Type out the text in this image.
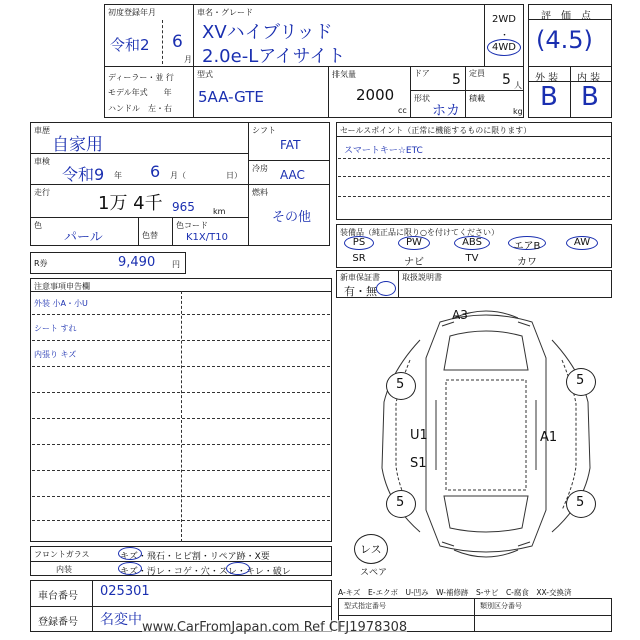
初度登録年月
令和2 6
月
車名・グレード
XVハイブリッド
2.0e-Lアイサイト
2WD
・
4WD
ディーラー・並 行
モデル年式　　年
ハンドル　左・右
型式
5AA-GTE
排気量
2000
cc
ドア 5 定員 5 人
形状
ホカ
積載
kg
評　価　点
(4.5)
外 装 内 装
B B
車歴
自家用
車検
令和9 年 6 月（	日）
走行
1万 4千 965 km
色
パール	色替
色コード
K1X/T10
シフト
FAT
冷房 AAC
燃料
その他
R券	9,490 円
セールスポイント（正常に機能するものに限ります）
スマートキー☆ETC
装備品（純正品に限り○を付けてください）
PS	PW	ABS	エアB	AW
SR	ナビ	TV	カワ
新車保証書
有・無
取扱説明書
注意事項申告欄
外装 小A・小U
シート すれ
内張り キズ
5	5
5	5
A3
U1
S1
A1
レス
スペア
フロントガラス	キズ・飛石・ヒビ割・リペア跡・X要
内装	キズ・汚レ・コゲ・穴・スレ・キレ・破レ
A-キズ　E-エクボ　U-凹み　W-補修跡　S-サビ　C-腐食　XX-交換済
車台番号 025301
登録番号 名変中
型式指定番号	類別区分番号
www.CarFromJapan.com Ref CFJ1978308
